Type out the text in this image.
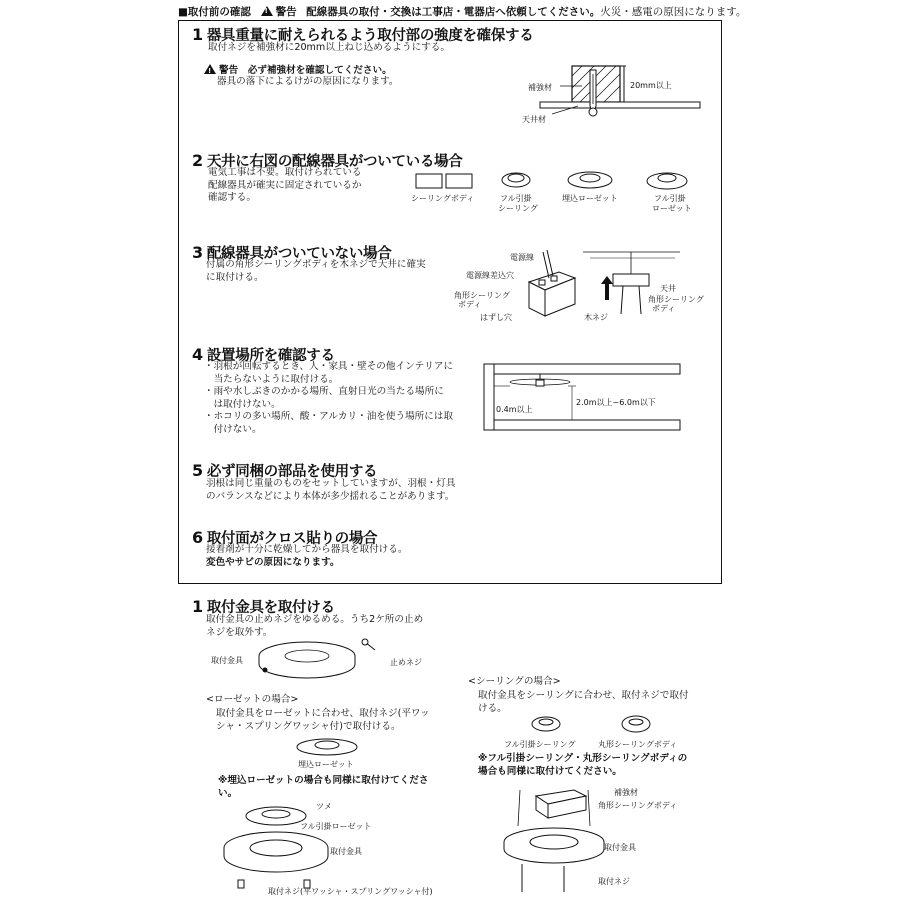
■取付前の確認 ! 警告 配線器具の取付・交換は工事店・電器店へ依頼してください。火災・感電の原因になります。
1 器具重量に耐えられるよう取付部の強度を確保する
取付ネジを補強材に20mm以上ねじ込めるようにする。
!警告　 必ず補強材を確認してください。
器具の落下によるけがの原因になります。
補強材
天井材
20mm以上
2 天井に右図の配線器具がついている場合
電気工事は不要。取付けられている
配線器具が確実に固定されているか
確認する。	シーリングボディ	フル引掛
シーリング
埋込ローゼット	フル引掛
ローゼット
3 配線器具がついていない場合
付属の角形シーリングボディを木ネジで天井に確実
に取付ける。
電源線
電源線差込穴
角形シーリング
ボディ
はずし穴
天井
角形シーリング
ボディ
木ネジ
4 設置場所を確認する
・羽根が回転するとき、人・家具・壁その他インテリアに
　当たらないように取付ける。
・雨や水しぶきのかかる場所、直射日光の当たる場所に
　は取付けない。
・ホコリの多い場所、酸・アルカリ・油を使う場所には取
　付けない。
0.4m以上
2.0m以上~6.0m以下
5 必ず同梱の部品を使用する
羽根は同じ重量のものをセットしていますが、羽根・灯具
のバランスなどにより本体が多少揺れることがあります。
6 取付面がクロス貼りの場合
接着剤が十分に乾燥してから器具を取付ける。
変色やサビの原因になります。
1 取付金具を取付ける
取付金具の止めネジをゆるめる。うち2ケ所の止め
ネジを取外す。
取付金具	止めネジ
<ローゼットの場合>
取付金具をローゼットに合わせ、取付ネジ(平ワッ
シャ・スプリングワッシャ付)で取付ける。
埋込ローゼット
※埋込ローゼットの場合も同様に取付けてくださ
い。
ツメ
フル引掛ローゼット
取付金具
取付ネジ(平ワッシャ・スプリングワッシャ付)
<シーリングの場合>
取付金具をシーリングに合わせ、取付ネジで取付
ける。
フル引掛シーリング	丸形シーリングボディ
※フル引掛シーリング・丸形シーリングボディの
場合も同様に取付けてください。
補強材
角形シーリングボディ
取付金具
取付ネジ
